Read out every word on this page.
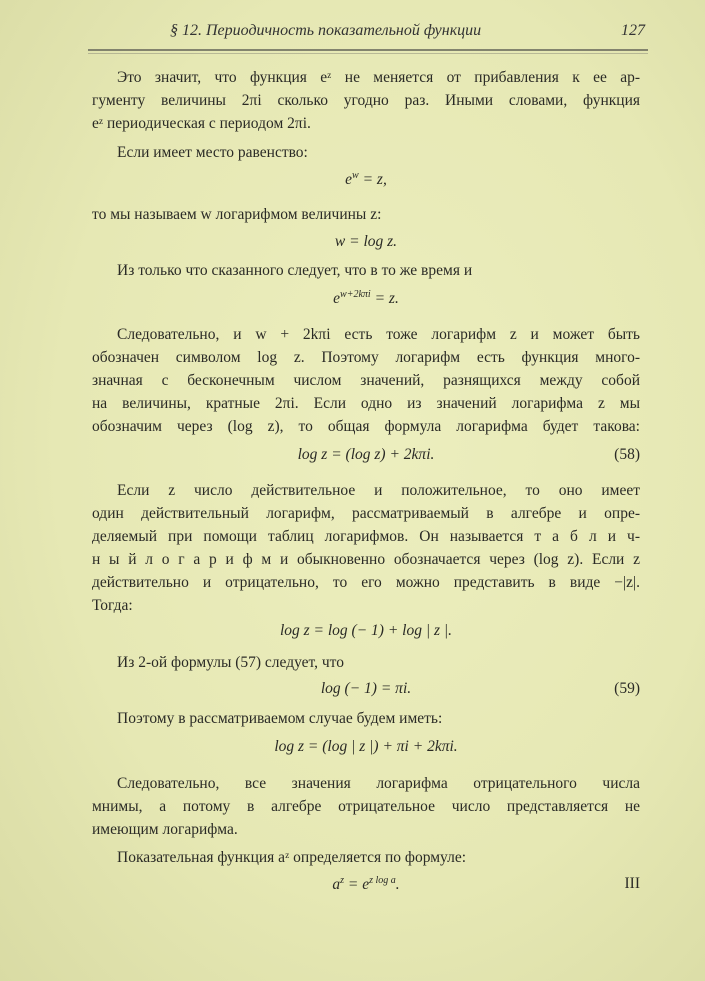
§ 12. Периодичность показательной функции	127
Это значит, что функция eᶻ не меняется от прибавления к ее ар-
гументу величины 2πi сколько угодно раз. Иными словами, функция
eᶻ периодическая с периодом 2πi.
Если имеет место равенство:
$e^w = z$,
то мы называем w логарифмом величины z:
w = log z.
Из только что сказанного следует, что в то же время и
$e^{w+2k\pi i} = z$.
Следовательно, и w + 2kπi есть тоже логарифм z и может быть
обозначен символом log z. Поэтому логарифм есть функция много-
значная с бесконечным числом значений, разнящихся между собой
на величины, кратные 2πi. Если одно из значений логарифма z мы
обозначим через (log z), то общая формула логарифма будет такова:
log z = (log z) + 2kπi.	(58)
Если z число действительное и положительное, то оно имеет
один действительный логарифм, рассматриваемый в алгебре и опре-
деляемый при помощи таблиц логарифмов. Он называется т а б л и ч-
н ы й л о г а р и ф м и обыкновенно обозначается через (log z). Если z
действительно и отрицательно, то его можно представить в виде −|z|.
Тогда:
log z = log (− 1) + log | z |.
Из 2-ой формулы (57) следует, что
log (− 1) = πi.	(59)
Поэтому в рассматриваемом случае будем иметь:
log z = (log | z |) + πi + 2kπi.
Следовательно, все значения логарифма отрицательного числа
мнимы, а потому в алгебре отрицательное число представляется не
имеющим логарифма.
Показательная функция aᶻ определяется по формуле:
$a^z = e^{z log a}$.	III
